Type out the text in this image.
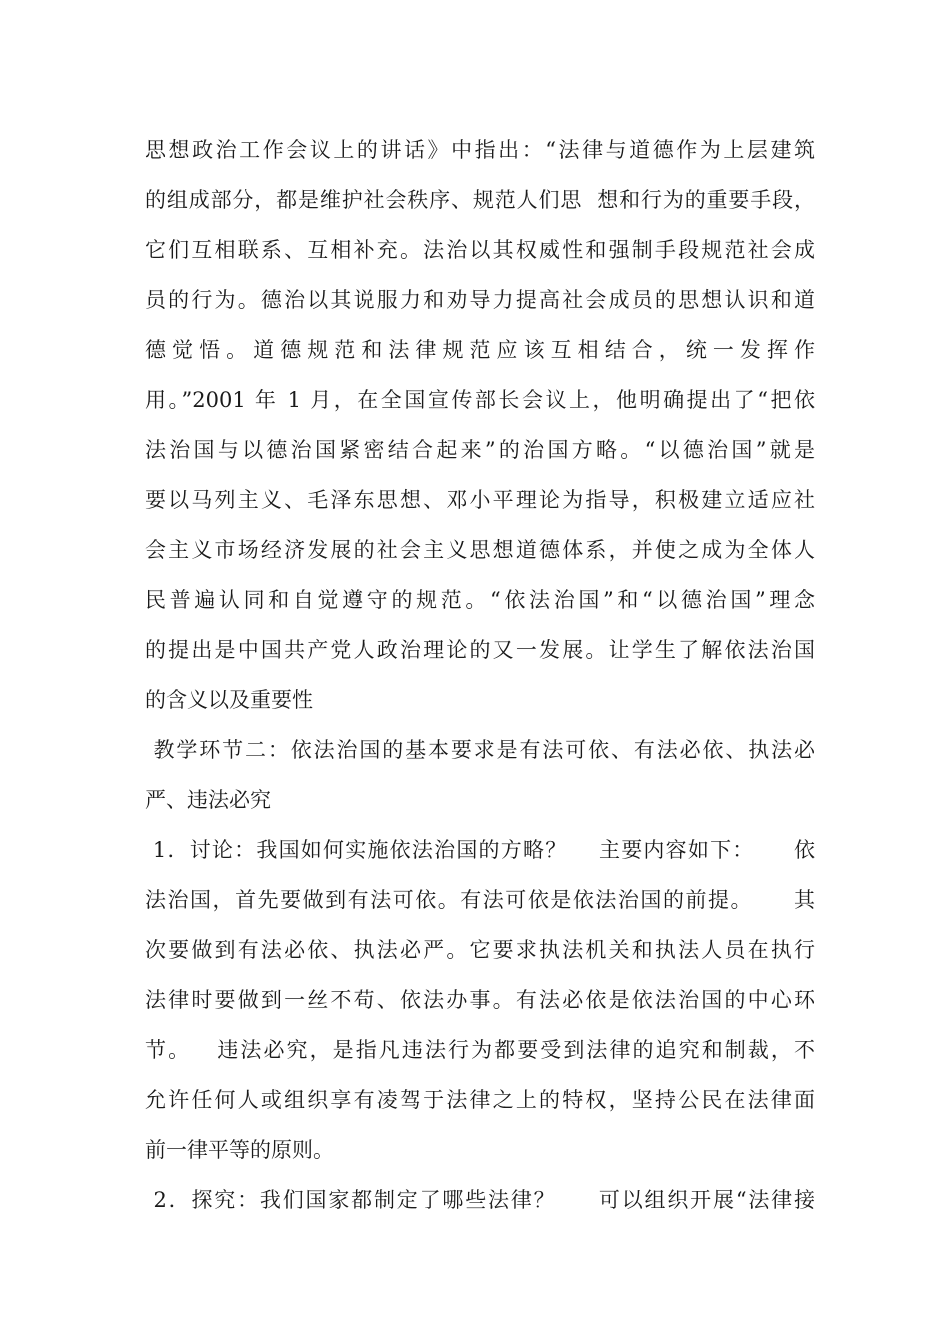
思想政治工作会议上的讲话》中指出：“法律与道德作为上层建筑
的组成部分，都是维护社会秩序、规范人们思  想和行为的重要手段，
它们互相联系、互相补充。法治以其权威性和强制手段规范社会成
员的行为。德治以其说服力和劝导力提高社会成员的思想认识和道
德觉悟。道德规范和法律规范应该互相结合，统一发挥作
用。”2001 年 1 月，在全国宣传部长会议上，他明确提出了“把依
法治国与以德治国紧密结合起来”的治国方略。“以德治国”就是
要以马列主义、毛泽东思想、邓小平理论为指导，积极建立适应社
会主义市场经济发展的社会主义思想道德体系，并使之成为全体人
民普遍认同和自觉遵守的规范。“依法治国”和“以德治国”理念
的提出是中国共产党人政治理论的又一发展。让学生了解依法治国
的含义以及重要性
教学环节二：依法治国的基本要求是有法可依、有法必依、执法必
严、违法必究
1．讨论：我国如何实施依法治国的方略？    主要内容如下：     依
法治国，首先要做到有法可依。有法可依是依法治国的前提。     其
次要做到有法必依、执法必严。它要求执法机关和执法人员在执行
法律时要做到一丝不苟、依法办事。有法必依是依法治国的中心环
节。   违法必究，是指凡违法行为都要受到法律的追究和制裁，不
允许任何人或组织享有凌驾于法律之上的特权，坚持公民在法律面
前一律平等的原则。
2．探究：我们国家都制定了哪些法律？     可以组织开展“法律接
